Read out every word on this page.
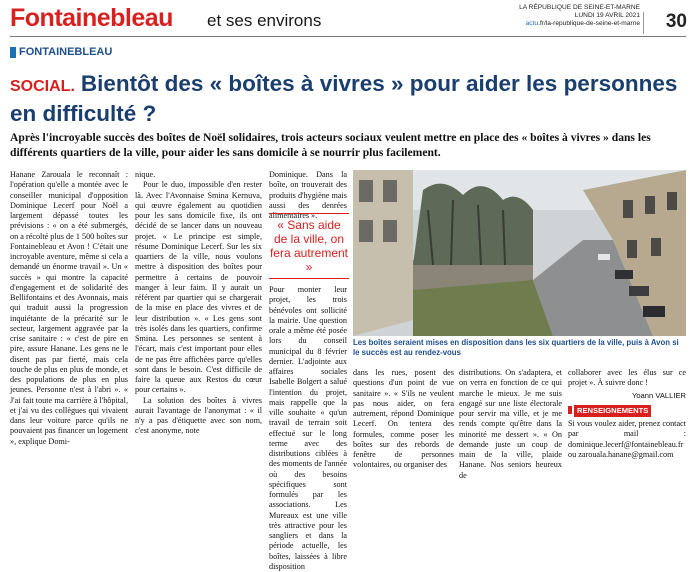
Fontainebleau et ses environs
LA RÉPUBLIQUE DE SEINE-ET-MARNE
LUNDI 19 AVRIL 2021
actu.fr/la-republique-de-seine-et-marne 30
FONTAINEBLEAU
SOCIAL. Bientôt des « boîtes à vivres » pour aider les personnes en difficulté ?
Après l'incroyable succès des boîtes de Noël solidaires, trois acteurs sociaux veulent mettre en place des « boîtes à vivres » dans les différents quartiers de la ville, pour aider les sans domicile à se nourrir plus facilement.

Hanane Zarouala le reconnaît : l'opération qu'elle a montée avec le conseiller municipal d'opposition Dominique Lecerf pour Noël a largement dépassé toutes les prévisions : « on a été submergés, on a récolté plus de 1 500 boîtes sur Fontainebleau et Avon ! C'était une incroyable aventure, même si cela a demandé un énorme travail ». Un « succès » qui montre la capacité d'engagement et de solidarité des Bellifontains et des Avonnais, mais qui traduit aussi la progression inquiétante de la précarité sur le secteur, largement aggravée par la crise sanitaire : « c'est de pire en pire, assure Hanane. Les gens ne le disent pas par fierté, mais cela touche de plus en plus de monde, et des populations de plus en plus jeunes. Personne n'est à l'abri ». « J'ai fait toute ma carrière à l'hôpital, et j'ai vu des collègues qui vivaient dans leur voiture parce qu'ils ne pouvaient pas financer un logement », explique Domi-

nique.

Pour le duo, impossible d'en rester là. Avec l'Avonnaise Smina Kernuva, qui œuvre également au quotidien pour les sans domicile fixe, ils ont décidé de se lancer dans un nouveau projet. « Le principe est simple, résume Dominique Lecerf. Sur les six quartiers de la ville, nous voulons mettre à disposition des boîtes pour permettre à certains de pouvoir manger à leur faim. Il y aurait un référent par quartier qui se chargerait de la mise en place des vivres et de leur distribution ». « Les gens sont très isolés dans les quartiers, confirme Smina. Les personnes se sentent à l'écart, mais c'est important pour elles de ne pas être affichées parce qu'elles sont dans le besoin. C'est difficile de faire la queue aux Restos du cœur pour certains ».

La solution des boîtes à vivres aurait l'avantage de l'anonymat : « il n'y a pas d'étiquette avec son nom, c'est anonyme, note

Dominique. Dans la boîte, on trouverait des produits d'hygiène mais aussi des denrées alimentaires ».
« Sans aide de la ville, on fera autrement »
Pour monter leur projet, les trois bénévoles ont sollicité la mairie. Une question orale a même été posée lors du conseil municipal du 8 février dernier. L'adjointe aux affaires sociales Isabelle Bolgert a salué l'intention du projet, mais rappelle que la ville souhaite « qu'un travail de terrain soit effectué sur le long terme avec des distributions ciblées à des moments de l'année où des besoins spécifiques sont formulés par les associations. Les Mureaux est une ville très attractive pour les sangliers et dans la période actuelle, les boîtes, laissées à libre disposition
Les boîtes seraient mises en disposition dans les six quartiers de la ville, puis à Avon si le succès est au rendez-vous
dans les rues, posent des questions d'un point de vue sanitaire ». « S'ils ne veulent pas nous aider, on fera autrement, répond Dominique Lecerf. On tentera des formules, comme poser les boîtes sur des rebords de fenêtre de personnes volontaires, ou organiser des
distributions. On s'adaptera, et on verra en fonction de ce qui marche le mieux. Je me suis engagé sur une liste électorale pour servir ma ville, et je me rends compte qu'être dans la minorité me dessert ». « On demande juste un coup de main de la ville, plaide Hanane. Nos seniors heureux de

collaborer avec les élus sur ce projet ». À suivre donc !

Yoann VALLIER
RENSEIGNEMENTS

Si vous voulez aider, prenez contact par mail : dominique.lecerf@fontainebleau.fr ou zarouala.hanane@gmail.com
